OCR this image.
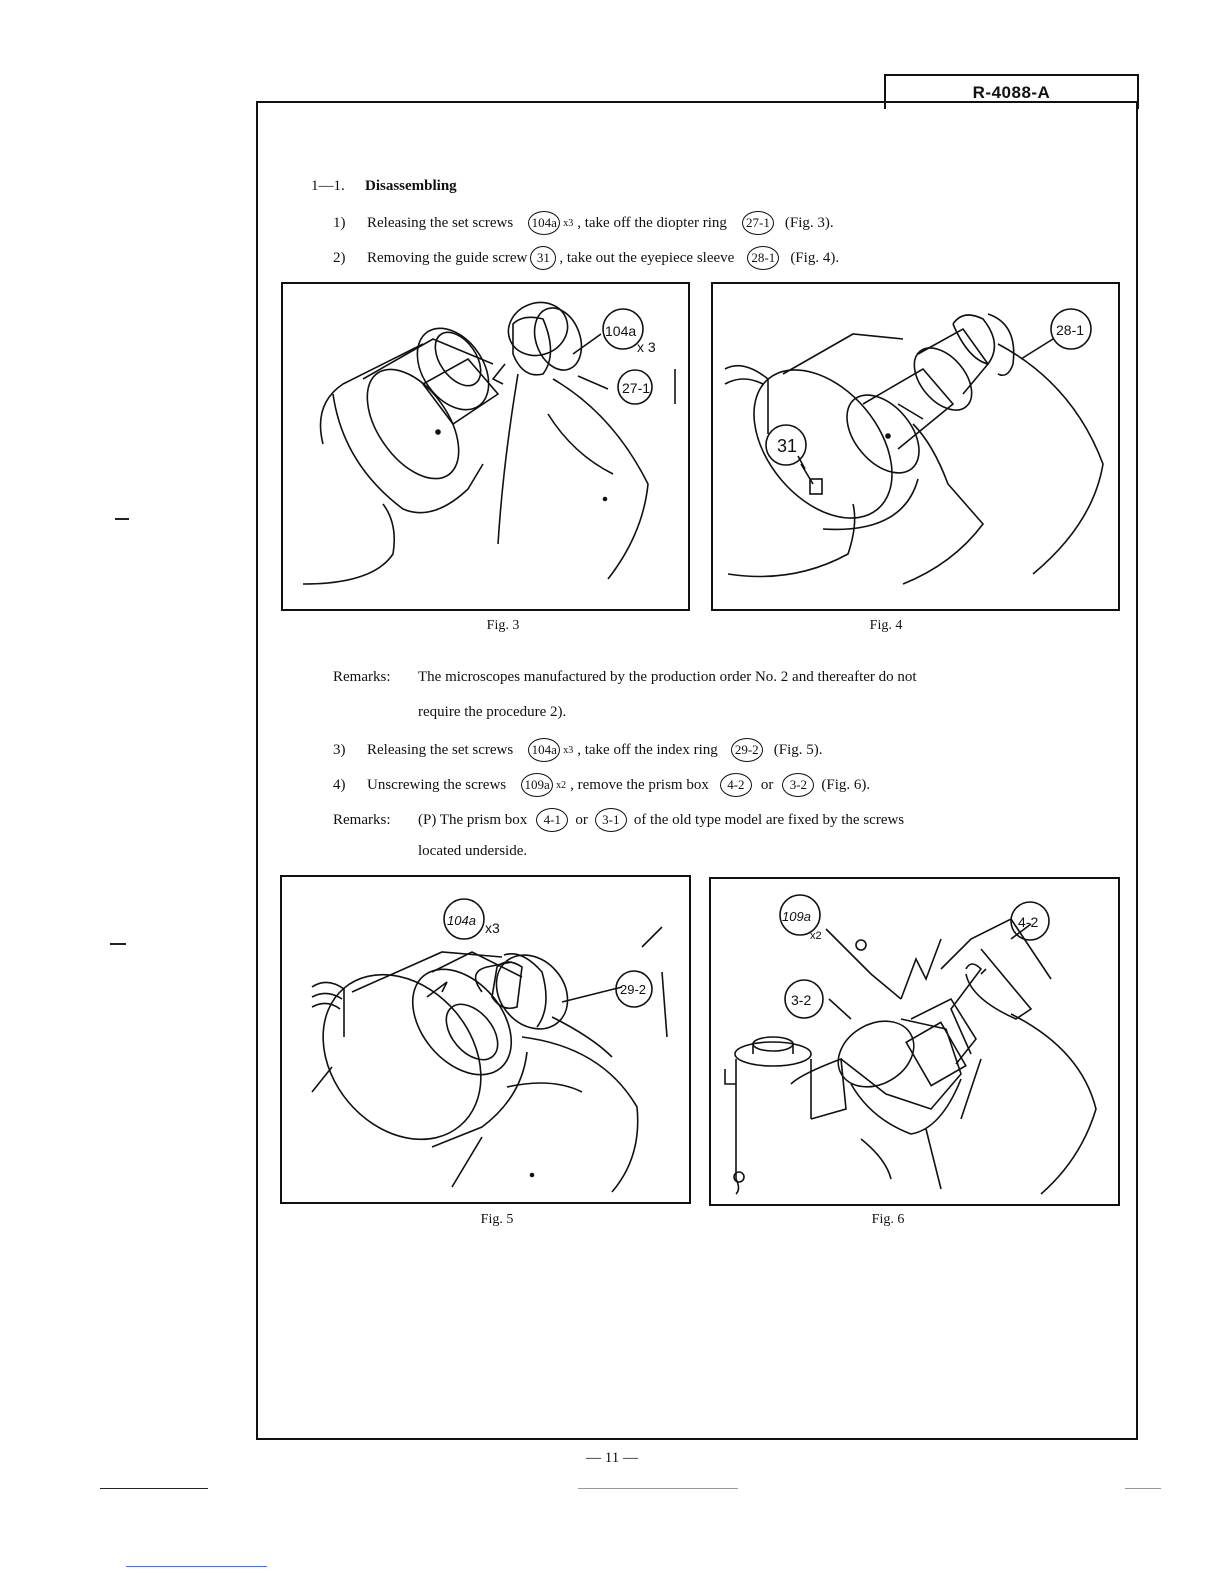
R-4088-A
1—1.	Disassembling
1)	Releasing the set screws 104a x3 , take off the diopter ring	27-1 (Fig. 3).
2)	Removing the guide screw 31 , take out the eyepiece sleeve	28-1 (Fig. 4).
104a
x 3
27-1
28-1
31
Fig. 3	Fig. 4
Remarks:	The microscopes manufactured by the production order No. 2 and thereafter do not
require the procedure 2).
3)	Releasing the set screws 104a x3 , take off the index ring	29-2 (Fig. 5).
4)	Unscrewing the screws 109a x2 , remove the prism box	4-2	or	3-2 (Fig. 6).
Remarks:	(P) The prism box	4-1 or	3-1 of the old type model are fixed by the screws
located underside.
104a x3
29-2
109a
x2
4-2
3-2
Fig. 5	Fig. 6
— 11 —
